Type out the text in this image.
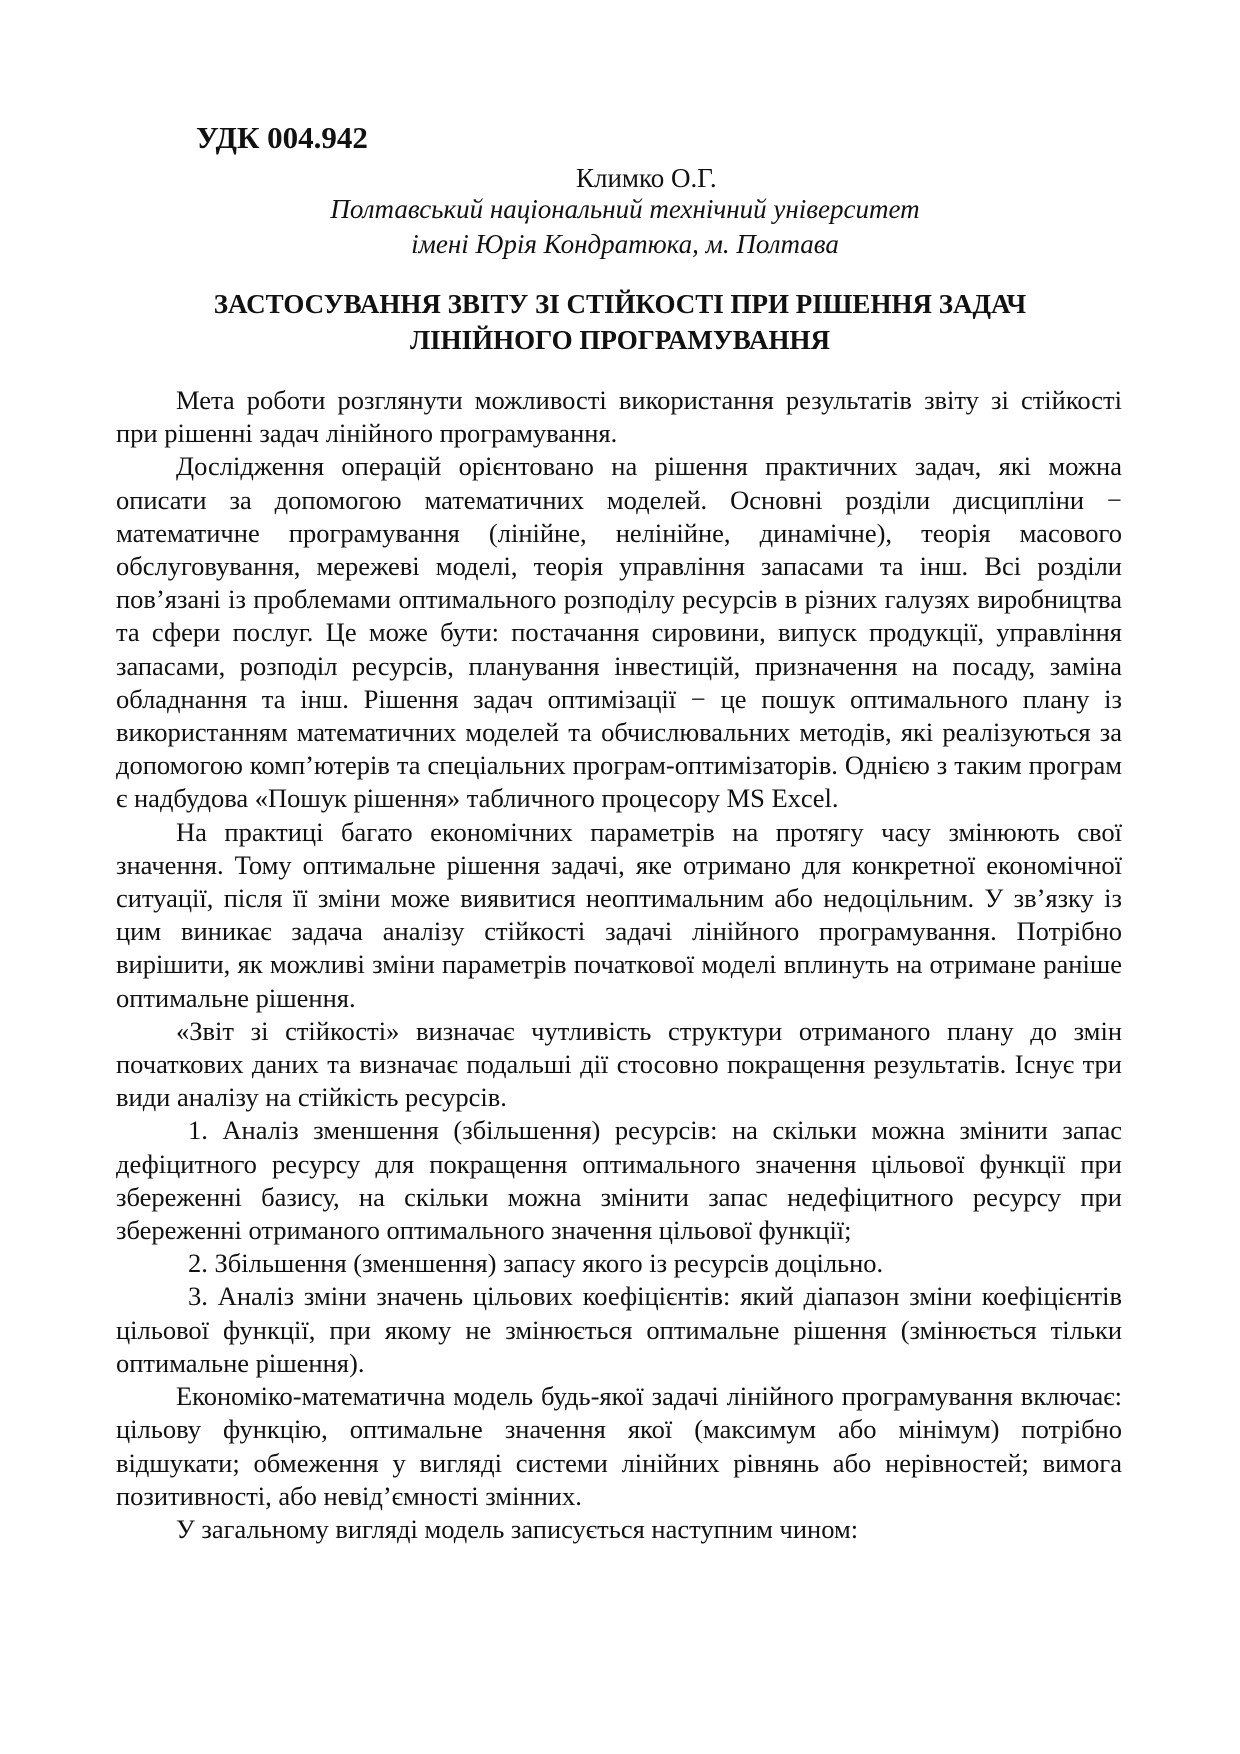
УДК 004.942

Климко О.Г.

Полтавський національний технічний університет
імені Юрія Кондратюка, м. Полтава
ЗАСТОСУВАННЯ ЗВІТУ ЗІ СТІЙКОСТІ ПРИ РІШЕННЯ ЗАДАЧ
ЛІНІЙНОГО ПРОГРАМУВАННЯ

Мета роботи розглянути можливості використання результатів звіту зі стійкості при рішенні задач лінійного програмування.

Дослідження операцій орієнтовано на рішення практичних задач, які можна описати за допомогою математичних моделей. Основні розділи дисципліни − математичне програмування (лінійне, нелінійне, динамічне), теорія масового обслуговування, мережеві моделі, теорія управління запасами та інш. Всі розділи пов’язані із проблемами оптимального розподілу ресурсів в різних галузях виробництва та сфери послуг. Це може бути: постачання сировини, випуск продукції, управління запасами, розподіл ресурсів, планування інвестицій, призначення на посаду, заміна обладнання та інш. Рішення задач оптимізації − це пошук оптимального плану із використанням математичних моделей та обчислювальних методів, які реалізуються за допомогою комп’ютерів та спеціальних програм-оптимізаторів. Однією з таким програм є надбудова «Пошук рішення» табличного процесору MS Excel.

На практиці багато економічних параметрів на протягу часу змінюють свої значення. Тому оптимальне рішення задачі, яке отримано для конкретної економічної ситуації, після її зміни може виявитися неоптимальним або недоцільним. У зв’язку із цим виникає задача аналізу стійкості задачі лінійного програмування. Потрібно вирішити, як можливі зміни параметрів початкової моделі вплинуть на отримане раніше оптимальне рішення.

«Звіт зі стійкості» визначає чутливість структури отриманого плану до змін початкових даних та визначає подальші дії стосовно покращення результатів. Існує три види аналізу на стійкість ресурсів.

1. Аналіз зменшення (збільшення) ресурсів: на скільки можна змінити запас дефіцитного ресурсу для покращення оптимального значення цільової функції при збереженні базису, на скільки можна змінити запас недефіцитного ресурсу при збереженні отриманого оптимального значення цільової функції;

2. Збільшення (зменшення) запасу якого із ресурсів доцільно.

3. Аналіз зміни значень цільових коефіцієнтів: який діапазон зміни коефіцієнтів цільової функції, при якому не змінюється оптимальне рішення (змінюється тільки оптимальне рішення).

Економіко-математична модель будь-якої задачі лінійного програмування включає: цільову функцію, оптимальне значення якої (максимум або мінімум) потрібно відшукати; обмеження у вигляді системи лінійних рівнянь або нерівностей; вимога позитивності, або невід’ємності змінних.

У загальному вигляді модель записується наступним чином:
